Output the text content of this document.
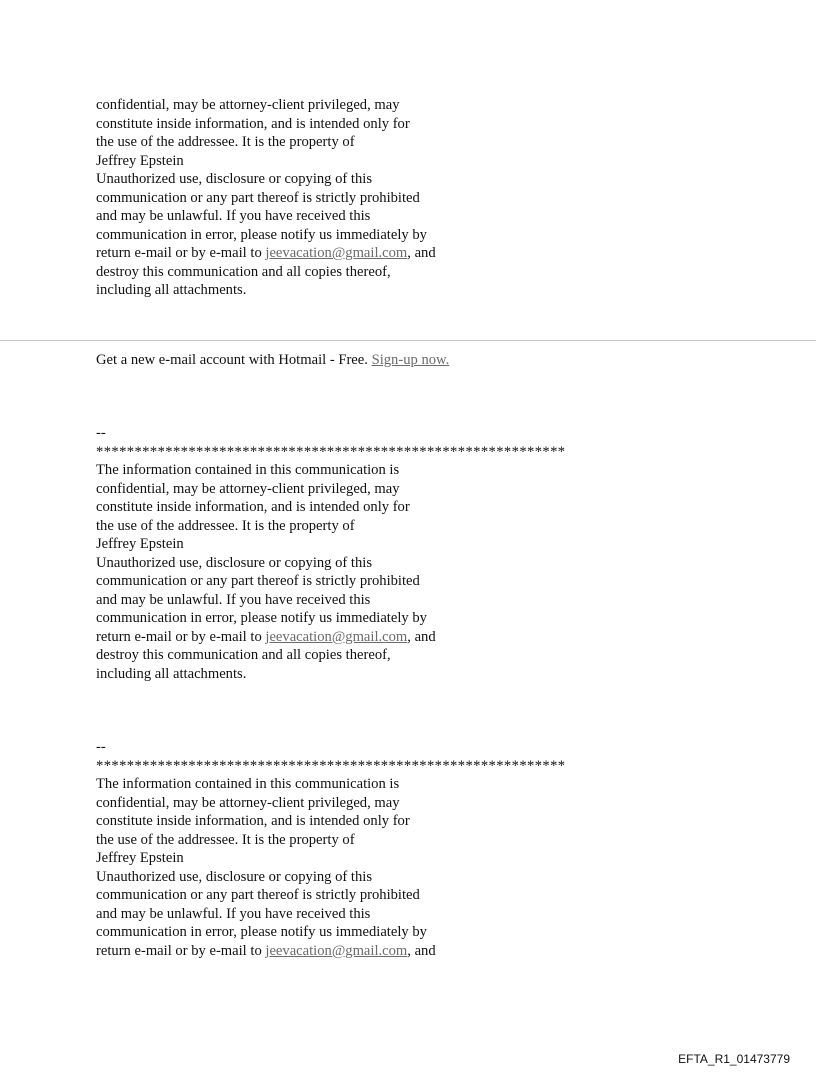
confidential, may be attorney-client privileged, may
constitute inside information, and is intended only for
the use of the addressee. It is the property of
Jeffrey Epstein
Unauthorized use, disclosure or copying of this
communication or any part thereof is strictly prohibited
and may be unlawful. If you have received this
communication in error, please notify us immediately by
return e-mail or by e-mail to jeevacation@gmail.com, and
destroy this communication and all copies thereof,
including all attachments.
Get a new e-mail account with Hotmail - Free. Sign-up now.
--
*************************************************************
The information contained in this communication is
confidential, may be attorney-client privileged, may
constitute inside information, and is intended only for
the use of the addressee. It is the property of
Jeffrey Epstein
Unauthorized use, disclosure or copying of this
communication or any part thereof is strictly prohibited
and may be unlawful. If you have received this
communication in error, please notify us immediately by
return e-mail or by e-mail to jeevacation@gmail.com, and
destroy this communication and all copies thereof,
including all attachments.
--
*************************************************************
The information contained in this communication is
confidential, may be attorney-client privileged, may
constitute inside information, and is intended only for
the use of the addressee. It is the property of
Jeffrey Epstein
Unauthorized use, disclosure or copying of this
communication or any part thereof is strictly prohibited
and may be unlawful. If you have received this
communication in error, please notify us immediately by
return e-mail or by e-mail to jeevacation@gmail.com, and
EFTA_R1_01473779
